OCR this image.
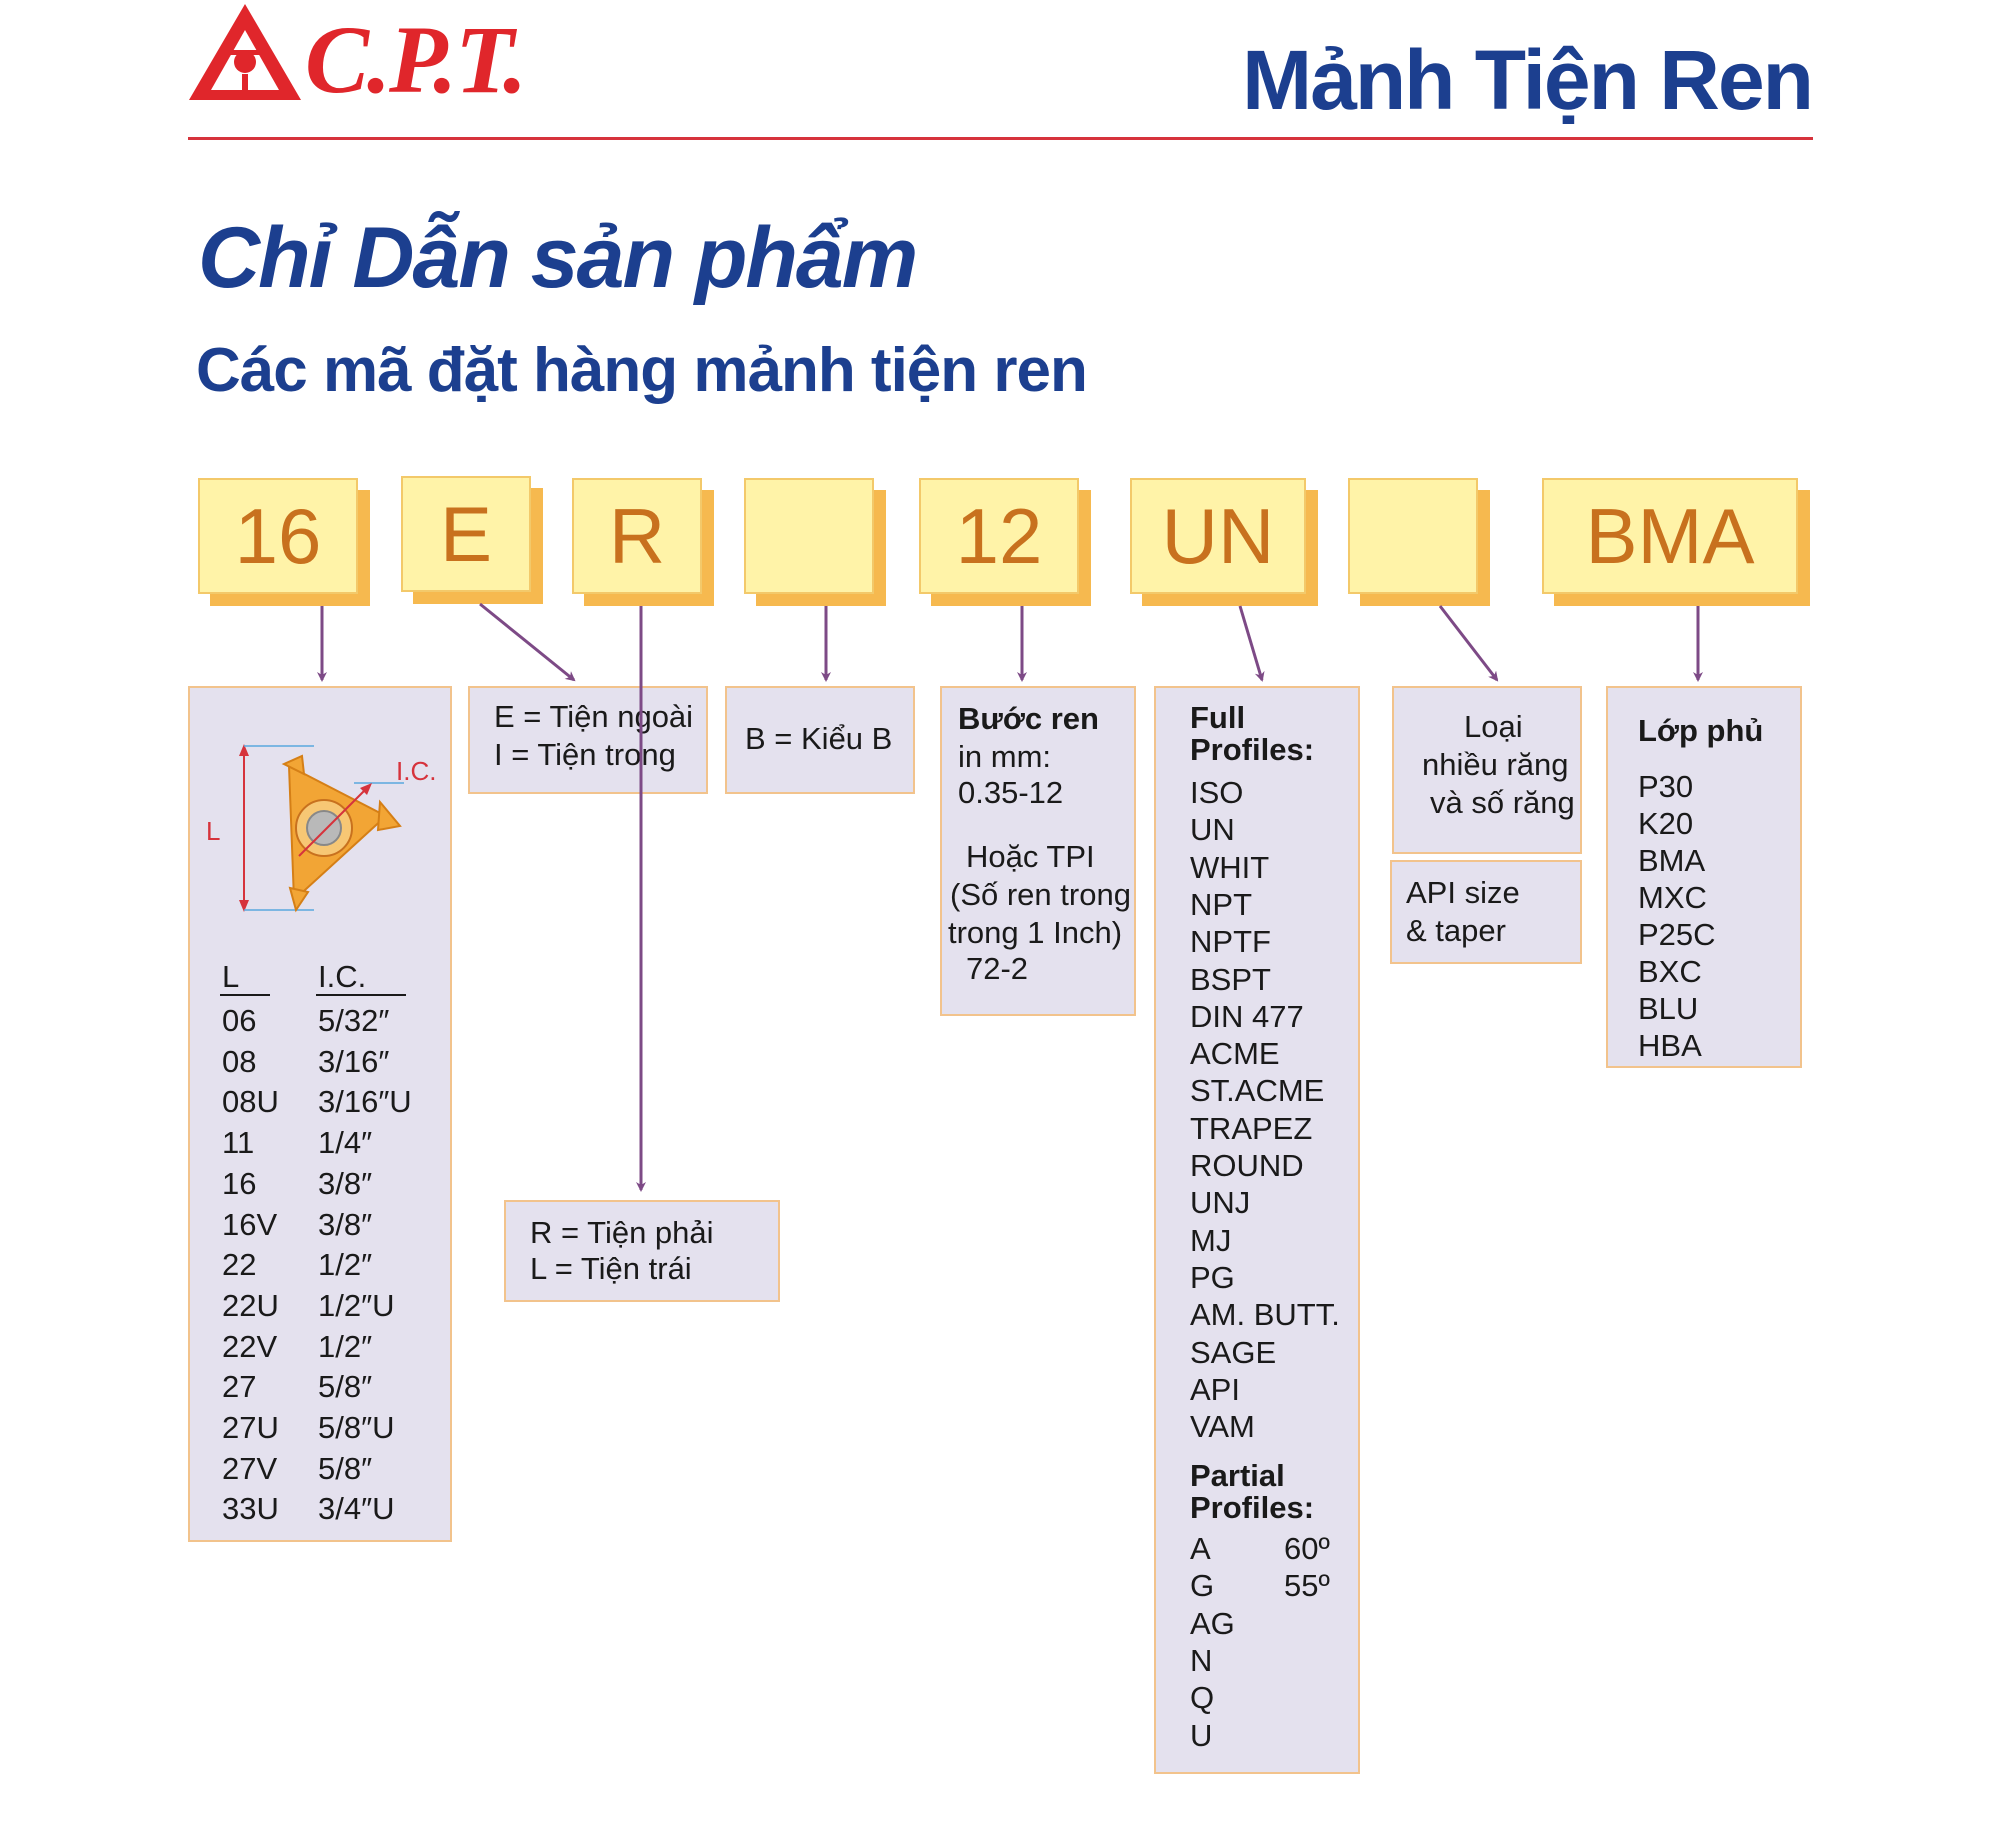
C.P.T.	Mảnh Tiện Ren
Chỉ Dẫn sản phẩm
Các mã đặt hàng mảnh tiện ren
16	E	R	12	UN	BMA
L
I.C.
L	I.C.
06 5/32″
08 3/16″
08U 3/16″U
11 1/4″
16 3/8″
16V 3/8″
22 1/2″
22U 1/2″U
22V 1/2″
27 5/8″
27U 5/8″U
27V 5/8″
33U 3/4″U
E = Tiện ngoài
I = Tiện trong
R = Tiện phải
L = Tiện trái
B = Kiểu B
Bước ren
in mm:
0.35-12
Hoặc TPI
(Số ren trong
trong 1 Inch)
72-2
Full
Profiles:
ISO
UN
WHIT
NPT
NPTF
BSPT
DIN 477
ACME
ST.ACME
TRAPEZ
ROUND
UNJ
MJ
PG
AM. BUTT.
SAGE
API
VAM
Partial
Profiles:
A 60º
G 55º
AG
N
Q
U
Loại
nhiều răng
và số răng
API size
& taper
Lớp phủ
P30
K20
BMA
MXC
P25C
BXC
BLU
HBA
